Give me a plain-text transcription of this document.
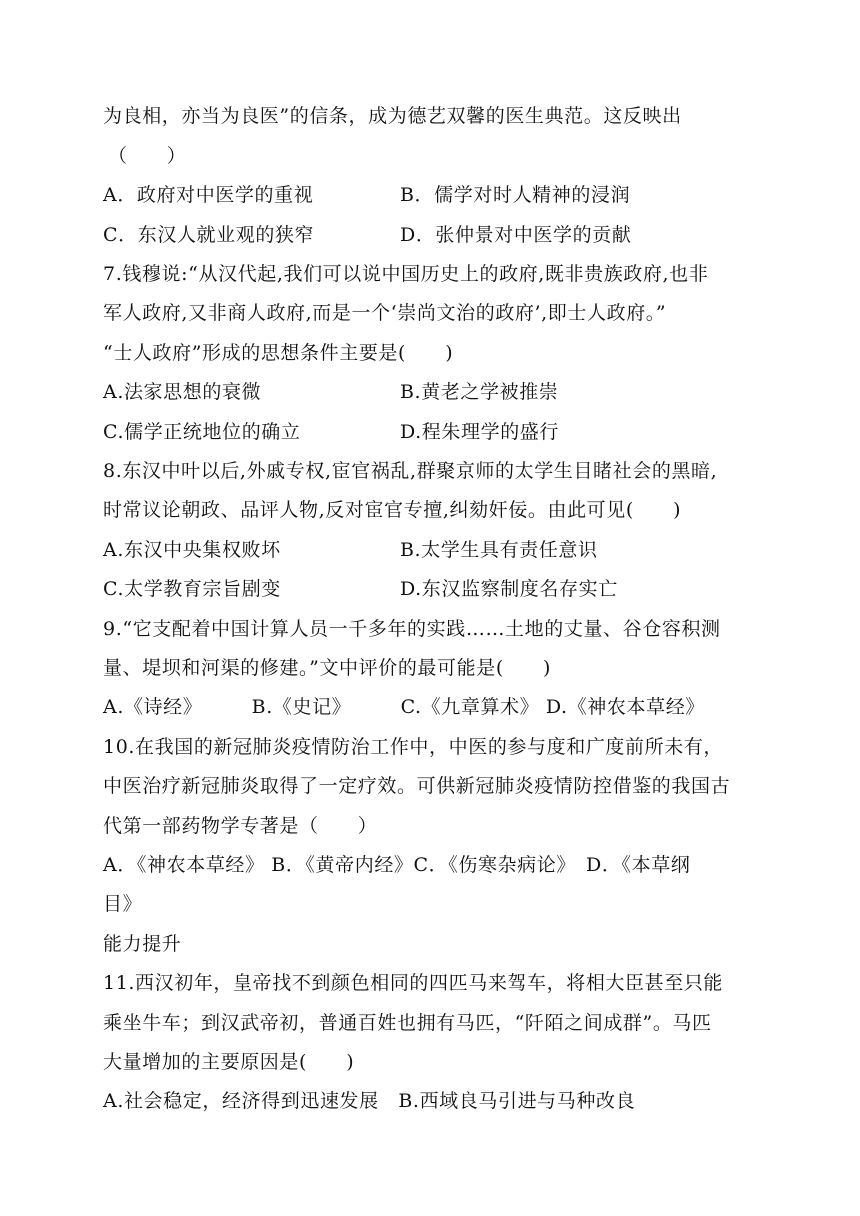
为良相，亦当为良医”的信条，成为德艺双馨的医生典范。这反映出
（　　）
A．政府对中医学的重视	B．儒学对时人精神的浸润
C．东汉人就业观的狭窄	D．张仲景对中医学的贡献
7.钱穆说:“从汉代起,我们可以说中国历史上的政府,既非贵族政府,也非
军人政府,又非商人政府,而是一个‘崇尚文治的政府’,即士人政府。”
“士人政府”形成的思想条件主要是(　　)
A.法家思想的衰微	B.黄老之学被推崇
C.儒学正统地位的确立	D.程朱理学的盛行
8.东汉中叶以后,外戚专权,宦官祸乱,群聚京师的太学生目睹社会的黑暗,
时常议论朝政、品评人物,反对宦官专擅,纠劾奸佞。由此可见(　　)
A.东汉中央集权败坏	B.太学生具有责任意识
C.太学教育宗旨剧变	D.东汉监察制度名存实亡
9.“它支配着中国计算人员一千多年的实践……土地的丈量、谷仓容积测
量、堤坝和河渠的修建。”文中评价的最可能是(　　)
A.《诗经》　　　B.《史记》　　　C.《九章算术》 D.《神农本草经》
10.在我国的新冠肺炎疫情防治工作中，中医的参与度和广度前所未有，
中医治疗新冠肺炎取得了一定疗效。可供新冠肺炎疫情防控借鉴的我国古
代第一部药物学专著是（　　）
A．《神农本草经》 B．《黄帝内经》C．《伤寒杂病论》　D．《本草纲
目》
能力提升
11.西汉初年，皇帝找不到颜色相同的四匹马来驾车，将相大臣甚至只能
乘坐牛车；到汉武帝初，普通百姓也拥有马匹，“阡陌之间成群”。马匹
大量增加的主要原因是(　　)
A.社会稳定，经济得到迅速发展　B.西域良马引进与马种改良
